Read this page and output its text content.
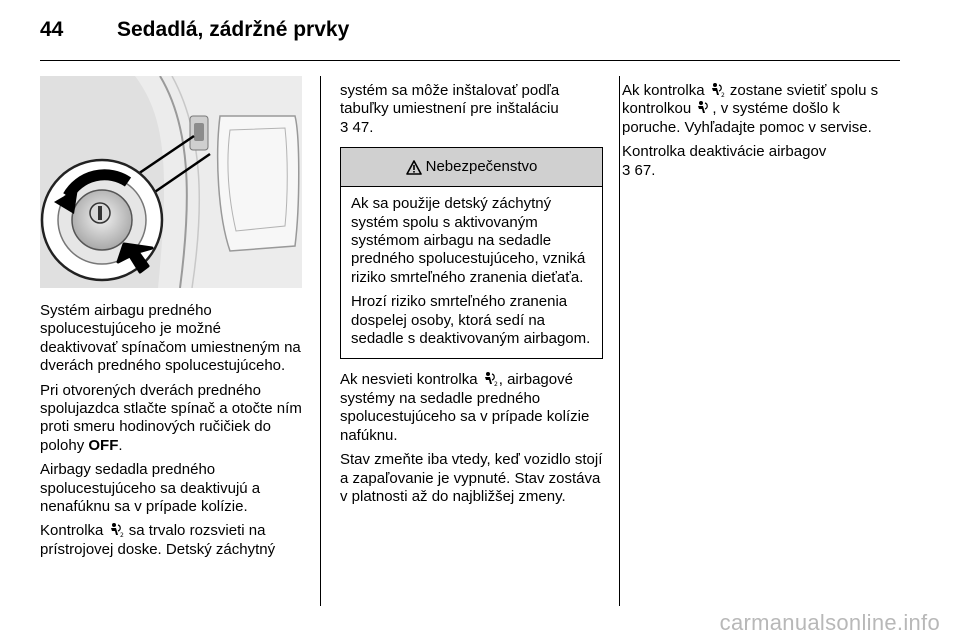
44	Sedadlá, zádržné prvky

Systém airbagu predného spolucestujúceho je možné deaktivovať spínačom umiestneným na dverách predného spolucestujúceho.

Pri otvorených dverách predného spolujazdca stlačte spínač a otočte ním proti smeru hodinových ručičiek do polohy OFF.

Airbagy sedadla predného spolucestujúceho sa deaktivujú a nenafúknu sa v prípade kolízie.

Kontrolka 2 sa trvalo rozsvieti na prístrojovej doske. Detský záchytný

systém sa môže inštalovať podľa tabuľky umiestnení pre inštaláciu

3 47.

Nebezpečenstvo

Ak sa použije detský záchytný systém spolu s aktivovaným systémom airbagu na sedadle predného spolucestujúceho, vzniká riziko smrteľného zranenia dieťaťa.

Hrozí riziko smrteľného zranenia dospelej osoby, ktorá sedí na sedadle s deaktivovaným airbagom.

Ak nesvieti kontrolka 2 , airbagové systémy na sedadle predného spolucestujúceho sa v prípade kolízie nafúknu.

Stav zmeňte iba vtedy, keď vozidlo stojí a zapaľovanie je vypnuté. Stav zostáva v platnosti až do najbližšej zmeny.

Ak kontrolka 2 zostane svietiť spolu s kontrolkou , v systéme došlo k poruche. Vyhľadajte pomoc v servise.

Kontrolka deaktivácie airbagov

3 67.

carmanualsonline.info
